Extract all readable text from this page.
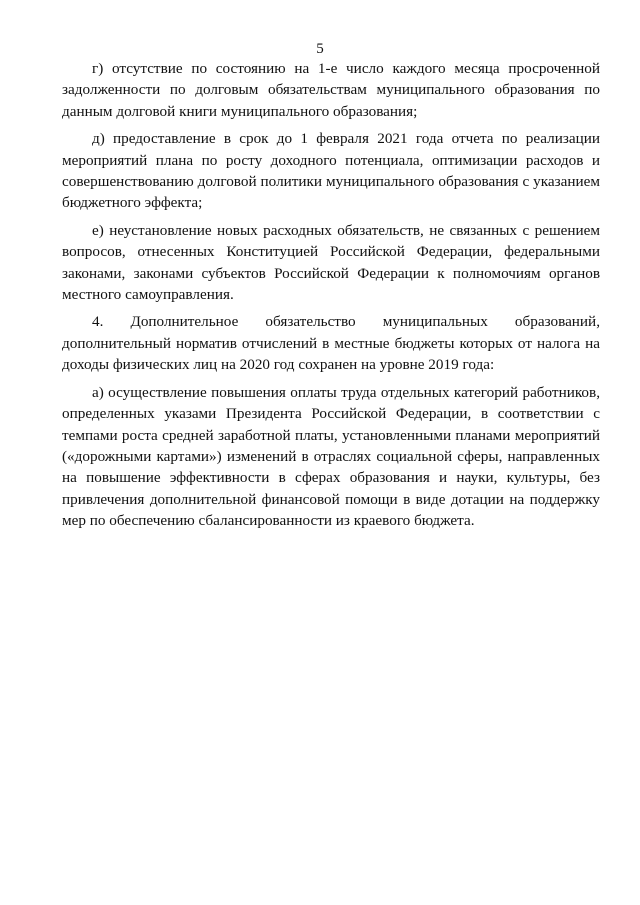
5

г) отсутствие по состоянию на 1-е число каждого месяца просроченной задолженности по долговым обязательствам муниципального образования по данным долговой книги муниципального образования;

д) предоставление в срок до 1 февраля 2021 года отчета по реализации мероприятий плана по росту доходного потенциала, оптимизации расходов и совершенствованию долговой политики муниципального образования с указанием бюджетного эффекта;

е) неустановление новых расходных обязательств, не связанных с решением вопросов, отнесенных Конституцией Российской Федерации, федеральными законами, законами субъектов Российской Федерации к полномочиям органов местного самоуправления.

4. Дополнительное обязательство муниципальных образований, дополнительный норматив отчислений в местные бюджеты которых от налога на доходы физических лиц на 2020 год сохранен на уровне 2019 года:

а) осуществление повышения оплаты труда отдельных категорий работников, определенных указами Президента Российской Федерации, в соответствии с темпами роста средней заработной платы, установленными планами мероприятий («дорожными картами») изменений в отраслях социальной сферы, направленных на повышение эффективности в сферах образования и науки, культуры, без привлечения дополнительной финансовой помощи в виде дотации на поддержку мер по обеспечению сбалансированности из краевого бюджета.
